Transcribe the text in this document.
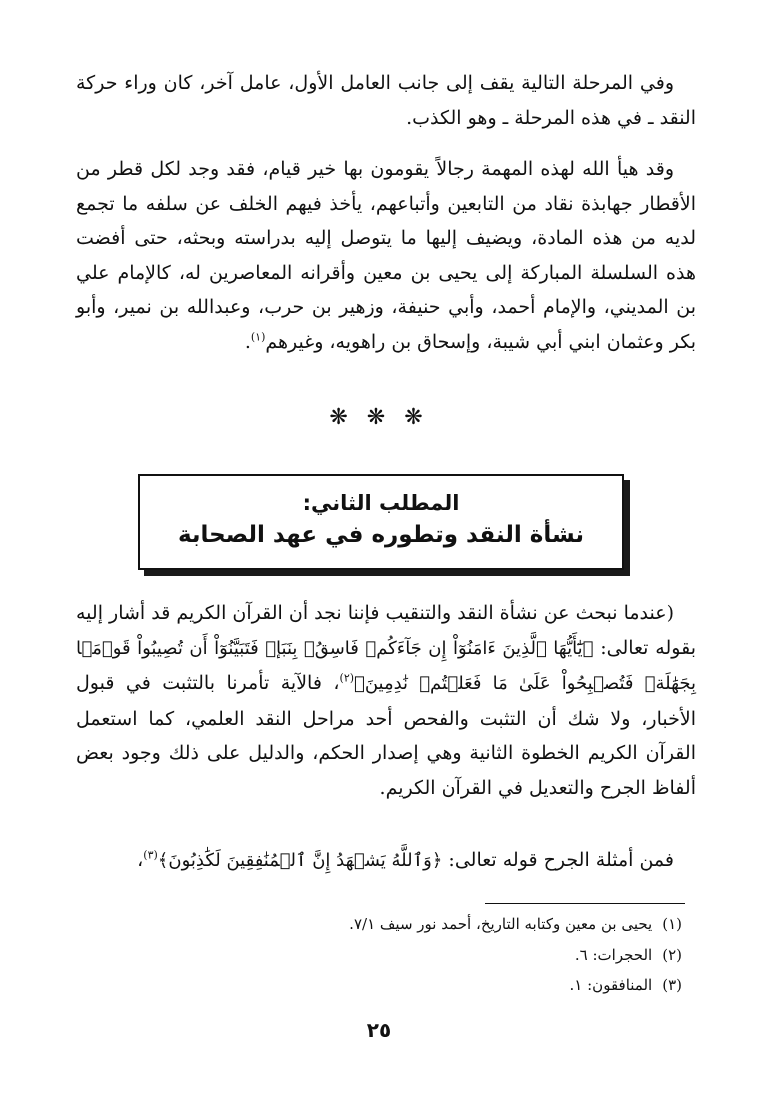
وفي المرحلة التالية يقف إلى جانب العامل الأول، عامل آخر، كان وراء حركة النقد ـ في هذه المرحلة ـ وهو الكذب.

وقد هيأ الله لهذه المهمة رجالاً يقومون بها خير قيام، فقد وجد لكل قطر من الأقطار جهابذة نقاد من التابعين وأتباعهم، يأخذ فيهم الخلف عن سلفه ما تجمع لديه من هذه المادة، ويضيف إليها ما يتوصل إليه بدراسته وبحثه، حتى أفضت هذه السلسلة المباركة إلى يحيى بن معين وأقرانه المعاصرين له، كالإمام علي بن المديني، والإمام أحمد، وأبي حنيفة، وزهير بن حرب، وعبدالله بن نمير، وأبو بكر وعثمان ابني أبي شيبة، وإسحاق بن راهويه، وغيرهم$^{(١)}$.

❋ ❋ ❋
المطلب الثاني:
نشأة النقد وتطوره في عهد الصحابة

(عندما نبحث عن نشأة النقد والتنقيب فإننا نجد أن القرآن الكريم قد أشار إليه بقوله تعالى: ﴿يَٰٓأَيُّهَا ٱلَّذِينَ ءَامَنُوٓاْ إِن جَآءَكُمۡ فَاسِقُۢ بِنَبَإٖ فَتَبَيَّنُوٓاْ أَن تُصِيبُواْ قَوۡمَۢا بِجَهَٰلَةٖ فَتُصۡبِحُواْ عَلَىٰ مَا فَعَلۡتُمۡ نَٰدِمِينَ﴾$^{(٢)}$، فالآية تأمرنا بالتثبت في قبول الأخبار، ولا شك أن التثبت والفحص أحد مراحل النقد العلمي، كما استعمل القرآن الكريم الخطوة الثانية وهي إصدار الحكم، والدليل على ذلك وجود بعض ألفاظ الجرح والتعديل في القرآن الكريم.

فمن أمثلة الجرح قوله تعالى: ﴿وَٱللَّهُ يَشۡهَدُ إِنَّ ٱلۡمُنَٰفِقِينَ لَكَٰذِبُونَ﴾$^{(٣)}$،

(١)يحيى بن معين وكتابه التاريخ، أحمد نور سيف ٧/١.
(٢)الحجرات: ٦.
(٣)المنافقون: ١.
٢٥
